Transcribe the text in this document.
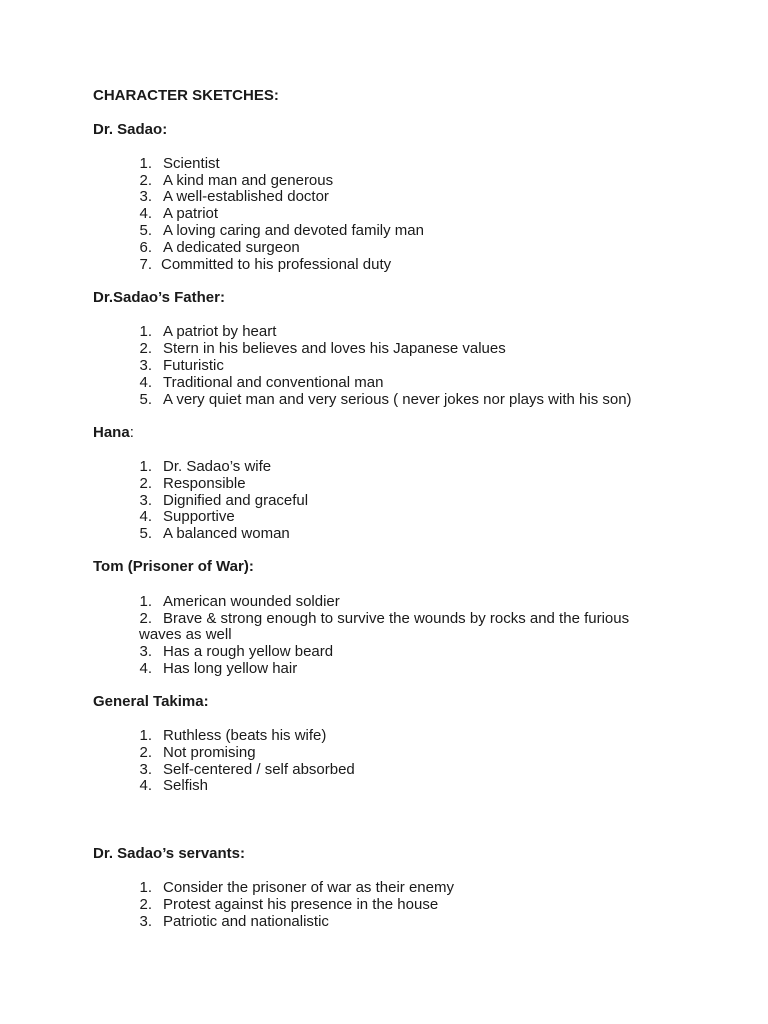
CHARACTER SKETCHES:
Dr. Sadao:
1. Scientist
2. A kind man and generous
3. A well-established doctor
4. A patriot
5. A loving caring and devoted family man
6. A dedicated surgeon
7. Committed to his professional duty
Dr.Sadao’s Father:
1. A patriot by heart
2. Stern in his believes and loves his Japanese values
3. Futuristic
4. Traditional and conventional man
5. A very quiet man and very serious ( never jokes nor plays with his son)
Hana:
1. Dr. Sadao’s wife
2. Responsible
3. Dignified and graceful
4. Supportive
5. A balanced woman
Tom (Prisoner of War):
1. American wounded soldier
2. Brave & strong enough to survive the wounds by rocks and the furious
waves as well
3. Has a rough yellow beard
4. Has long yellow hair
General Takima:
1. Ruthless (beats his wife)
2. Not promising
3. Self-centered / self absorbed
4. Selfish
Dr. Sadao’s servants:
1. Consider the prisoner of war as their enemy
2. Protest against his presence in the house
3. Patriotic and nationalistic
